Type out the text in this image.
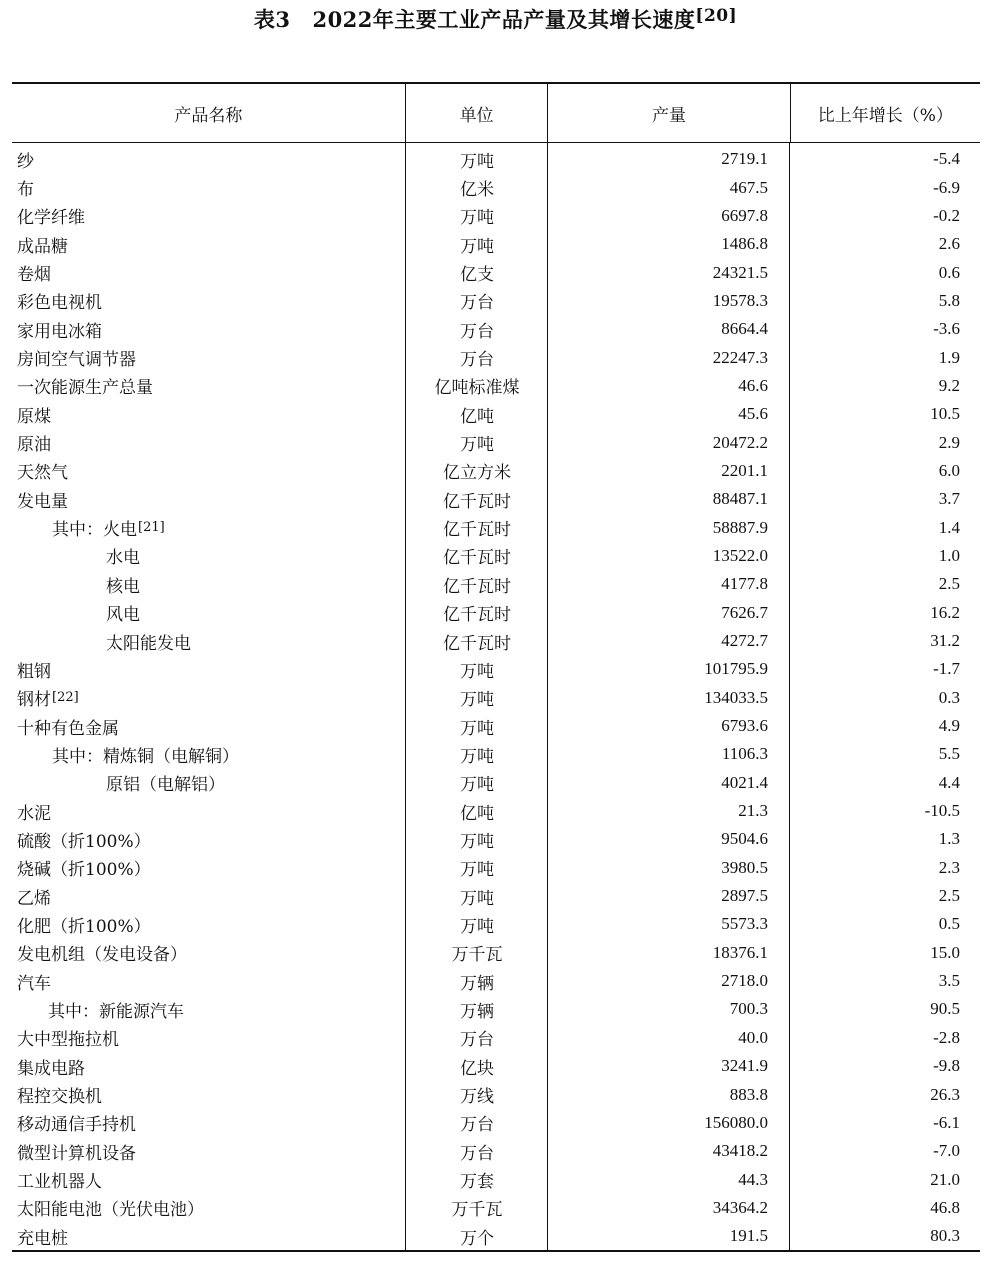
表3 2022年主要工业产品产量及其增长速度[20]
产品名称	单位	产量	比上年增长（%）
纱	万吨	2719.1	-5.4
布	亿米	467.5	-6.9
化学纤维	万吨	6697.8	-0.2
成品糖	万吨	1486.8	2.6
卷烟	亿支	24321.5	0.6
彩色电视机	万台	19578.3	5.8
家用电冰箱	万台	8664.4	-3.6
房间空气调节器	万台	22247.3	1.9
一次能源生产总量	亿吨标准煤	46.6	9.2
原煤	亿吨	45.6	10.5
原油	万吨	20472.2	2.9
天然气	亿立方米	2201.1	6.0
发电量	亿千瓦时	88487.1	3.7
其中：火电 [21]	亿千瓦时	58887.9	1.4
水电	亿千瓦时	13522.0	1.0
核电	亿千瓦时	4177.8	2.5
风电	亿千瓦时	7626.7	16.2
太阳能发电	亿千瓦时	4272.7	31.2
粗钢	万吨	101795.9	-1.7
钢材 [22]	万吨	134033.5	0.3
十种有色金属	万吨	6793.6	4.9
其中：精炼铜（电解铜）	万吨	1106.3	5.5
原铝（电解铝）	万吨	4021.4	4.4
水泥	亿吨	21.3	-10.5
硫酸（折100%）	万吨	9504.6	1.3
烧碱（折100%）	万吨	3980.5	2.3
乙烯	万吨	2897.5	2.5
化肥（折100%）	万吨	5573.3	0.5
发电机组（发电设备）	万千瓦	18376.1	15.0
汽车	万辆	2718.0	3.5
其中：新能源汽车	万辆	700.3	90.5
大中型拖拉机	万台	40.0	-2.8
集成电路	亿块	3241.9	-9.8
程控交换机	万线	883.8	26.3
移动通信手持机	万台	156080.0	-6.1
微型计算机设备	万台	43418.2	-7.0
工业机器人	万套	44.3	21.0
太阳能电池（光伏电池）	万千瓦	34364.2	46.8
充电桩	万个	191.5	80.3
